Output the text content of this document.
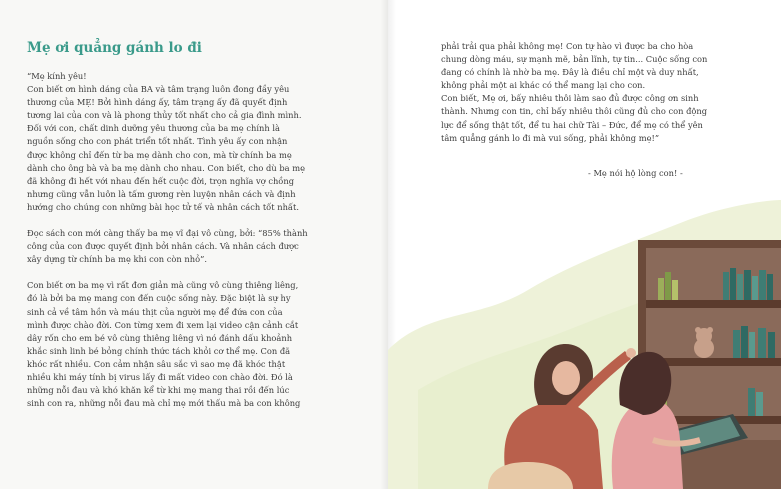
Mẹ ơi quẳng gánh lo đi

“Mẹ kính yêu!

Con biết ơn hình dáng của BA và tâm trạng luôn đong đầy yêu

thương của MẸ! Bởi hình dáng ấy, tâm trạng ấy đã quyết định

tương lai của con và là phong thủy tốt nhất cho cả gia đình mình.

Đối với con, chất dinh dưỡng yêu thương của ba mẹ chính là

nguồn sống cho con phát triển tốt nhất. Tình yêu ấy con nhận

được không chỉ đến từ ba mẹ dành cho con, mà từ chính ba mẹ

dành cho ông bà và ba mẹ dành cho nhau. Con biết, cho dù ba mẹ

đã không đi hết với nhau đến hết cuộc đời, trọn nghĩa vợ chồng

nhưng cũng vẫn luôn là tấm gương rèn luyện nhân cách và định

hướng cho chúng con những bài học tử tế và nhân cách tốt nhất.

Đọc sách con mới càng thấy ba mẹ vĩ đại vô cùng, bởi: “85% thành

công của con được quyết định bởi nhân cách. Và nhân cách được

xây dựng từ chính ba mẹ khi con còn nhỏ”.

Con biết ơn ba mẹ vì rất đơn giản mà cũng vô cùng thiêng liêng,

đó là bởi ba mẹ mang con đến cuộc sống này. Đặc biệt là sự hy

sinh cả về tâm hồn và máu thịt của người mẹ để đứa con của

mình được chào đời. Con từng xem đi xem lại video cận cảnh cắt

dây rốn cho em bé vô cùng thiêng liêng vì nó đánh dấu khoảnh

khắc sinh linh bé bỏng chính thức tách khỏi cơ thể mẹ. Con đã

khóc rất nhiều. Con cảm nhận sâu sắc vì sao mẹ đã khóc thật

nhiều khi máy tính bị virus lấy đi mất video con chào đời. Đó là

những nỗi đau và khó khăn kể từ khi mẹ mang thai rồi đến lúc

sinh con ra, những nỗi đau mà chỉ mẹ mới thấu mà ba con không

phải trải qua phải không mẹ! Con tự hào vì được ba cho hòa

chung dòng máu, sự mạnh mẽ, bản lĩnh, tự tin... Cuộc sống con

đang có chính là nhờ ba mẹ. Đây là điều chỉ một và duy nhất,

không phải một ai khác có thể mang lại cho con.

Con biết, Mẹ ơi, bấy nhiêu thôi làm sao đủ được công ơn sinh

thành. Nhưng con tin, chỉ bấy nhiêu thôi cũng đủ cho con động

lực để sống thật tốt, để tu hai chữ Tài – Đức, để mẹ có thể yên

tâm quẳng gánh lo đi mà vui sống, phải không mẹ!”

- Mẹ nói hộ lòng con! -
